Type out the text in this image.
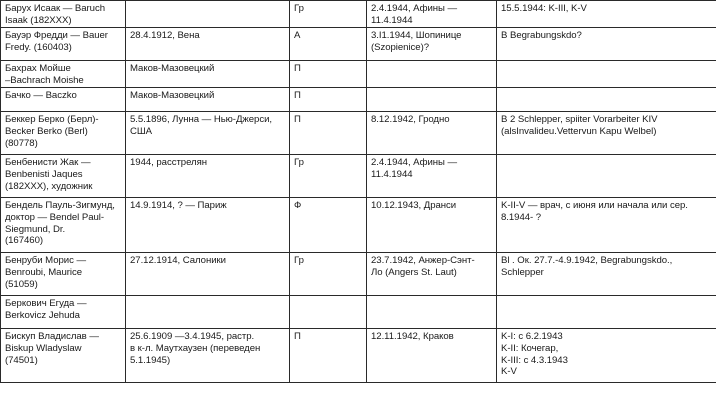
Барух Исаак — Baruch
Isaak (182XXX)		Гр	2.4.1944, Афины —
11.4.1944	15.5.1944: K-III, K-V
Бауэр Фредди — Bauer
Fredy. (160403)	28.4.1912, Вена	А	3.I1.1944, Шопинице
(Szopienice)?	B Begrabungskdo?
Бахрах Мойше
–Bachrach Moishe	Маков-Мазовецкий	П		
Бачко — Baczko	Маков-Мазовецкий	П		
Беккер Берко (Берл)-
Becker Berko (Berl)
(80778)	5.5.1896, Лунна — Нью-Джерси,
США	П	8.12.1942, Гродно	B 2 Schlepper, spiiter Vorarbeiter KIV
(alsInvalideu.Vettervun Kapu Welbel)
Бенбенисти Жак —
Benbenisti Jaques
(182XXX), художник	1944, расстрелян	Гр	2.4.1944, Афины —
11.4.1944	
Бендель Пауль-Зигмунд,
доктор — Bendel Paul-
Siegmund, Dr.
(167460)	14.9.1914, ? — Париж	Ф	10.12.1943, Дранси	K-II-V — врач, с июня или начала или сер.
8.1944- ?
Бенруби Морис —
Benroubi, Maurice
(51059)	27.12.1914, Салоники	Гр	23.7.1942, Анжер-Сэнт-
Ло (Angers St. Laut)	Bl . Ок. 27.7.-4.9.1942, Begrabungskdo.,
Schlepper
Беркович Егуда —
Berkovicz Jehuda				
Бискуп Владислав —
Biskup Wladyslaw
(74501)	25.6.1909 —3.4.1945, растр.
в к-л. Маутхаузен (переведен
5.1.1945)	П	12.11.1942, Краков	K-I: с 6.2.1943
K-II: Кочегар,
K-III: с 4.3.1943
K-V
